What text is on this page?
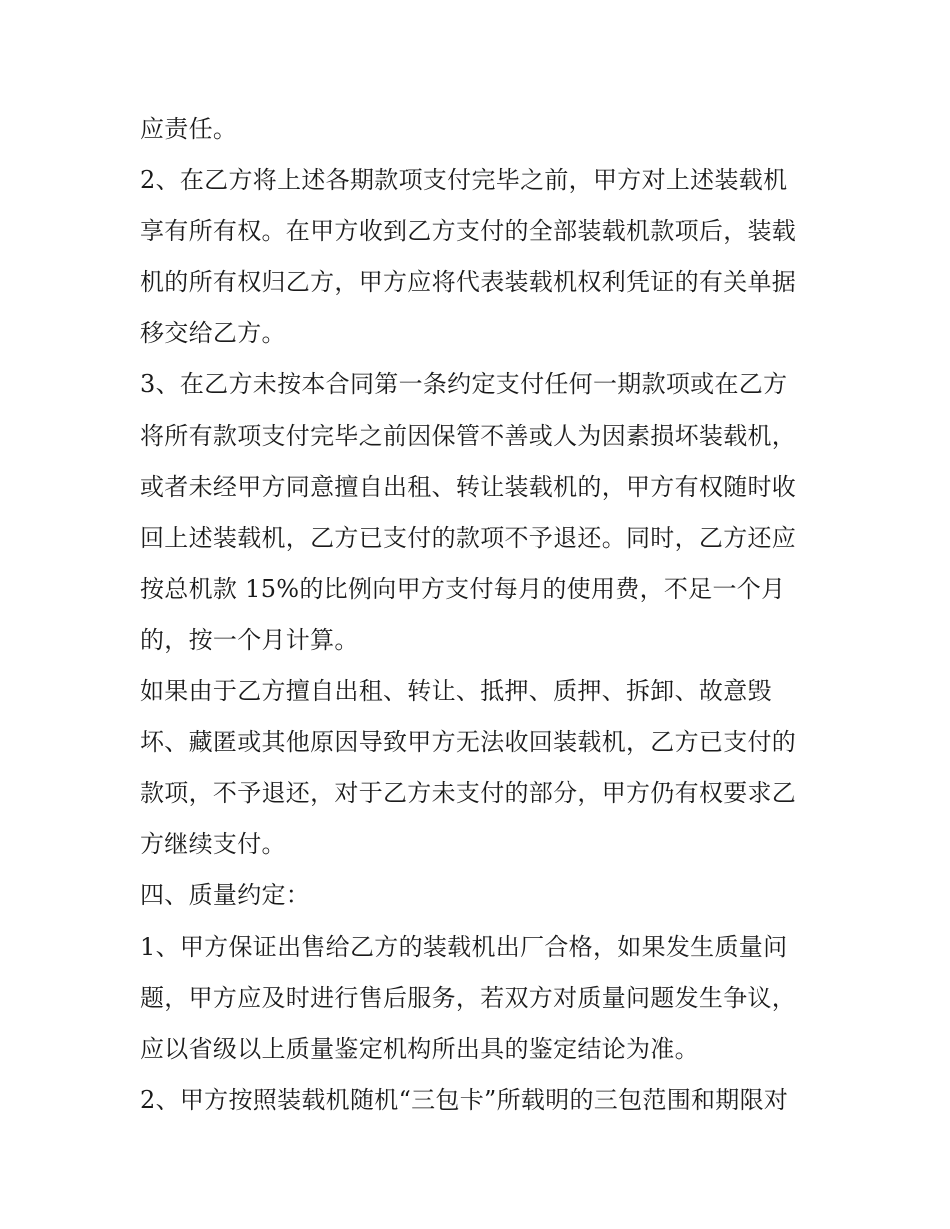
应责任。
2、在乙方将上述各期款项支付完毕之前，甲方对上述装载机
享有所有权。在甲方收到乙方支付的全部装载机款项后，装载
机的所有权归乙方，甲方应将代表装载机权利凭证的有关单据
移交给乙方。
3、在乙方未按本合同第一条约定支付任何一期款项或在乙方
将所有款项支付完毕之前因保管不善或人为因素损坏装载机，
或者未经甲方同意擅自出租、转让装载机的，甲方有权随时收
回上述装载机，乙方已支付的款项不予退还。同时，乙方还应
按总机款 15%的比例向甲方支付每月的使用费，不足一个月
的，按一个月计算。
如果由于乙方擅自出租、转让、抵押、质押、拆卸、故意毁
坏、藏匿或其他原因导致甲方无法收回装载机，乙方已支付的
款项，不予退还，对于乙方未支付的部分，甲方仍有权要求乙
方继续支付。
四、质量约定：
1、甲方保证出售给乙方的装载机出厂合格，如果发生质量问
题，甲方应及时进行售后服务，若双方对质量问题发生争议，
应以省级以上质量鉴定机构所出具的鉴定结论为准。
2、甲方按照装载机随机“三包卡”所载明的三包范围和期限对
